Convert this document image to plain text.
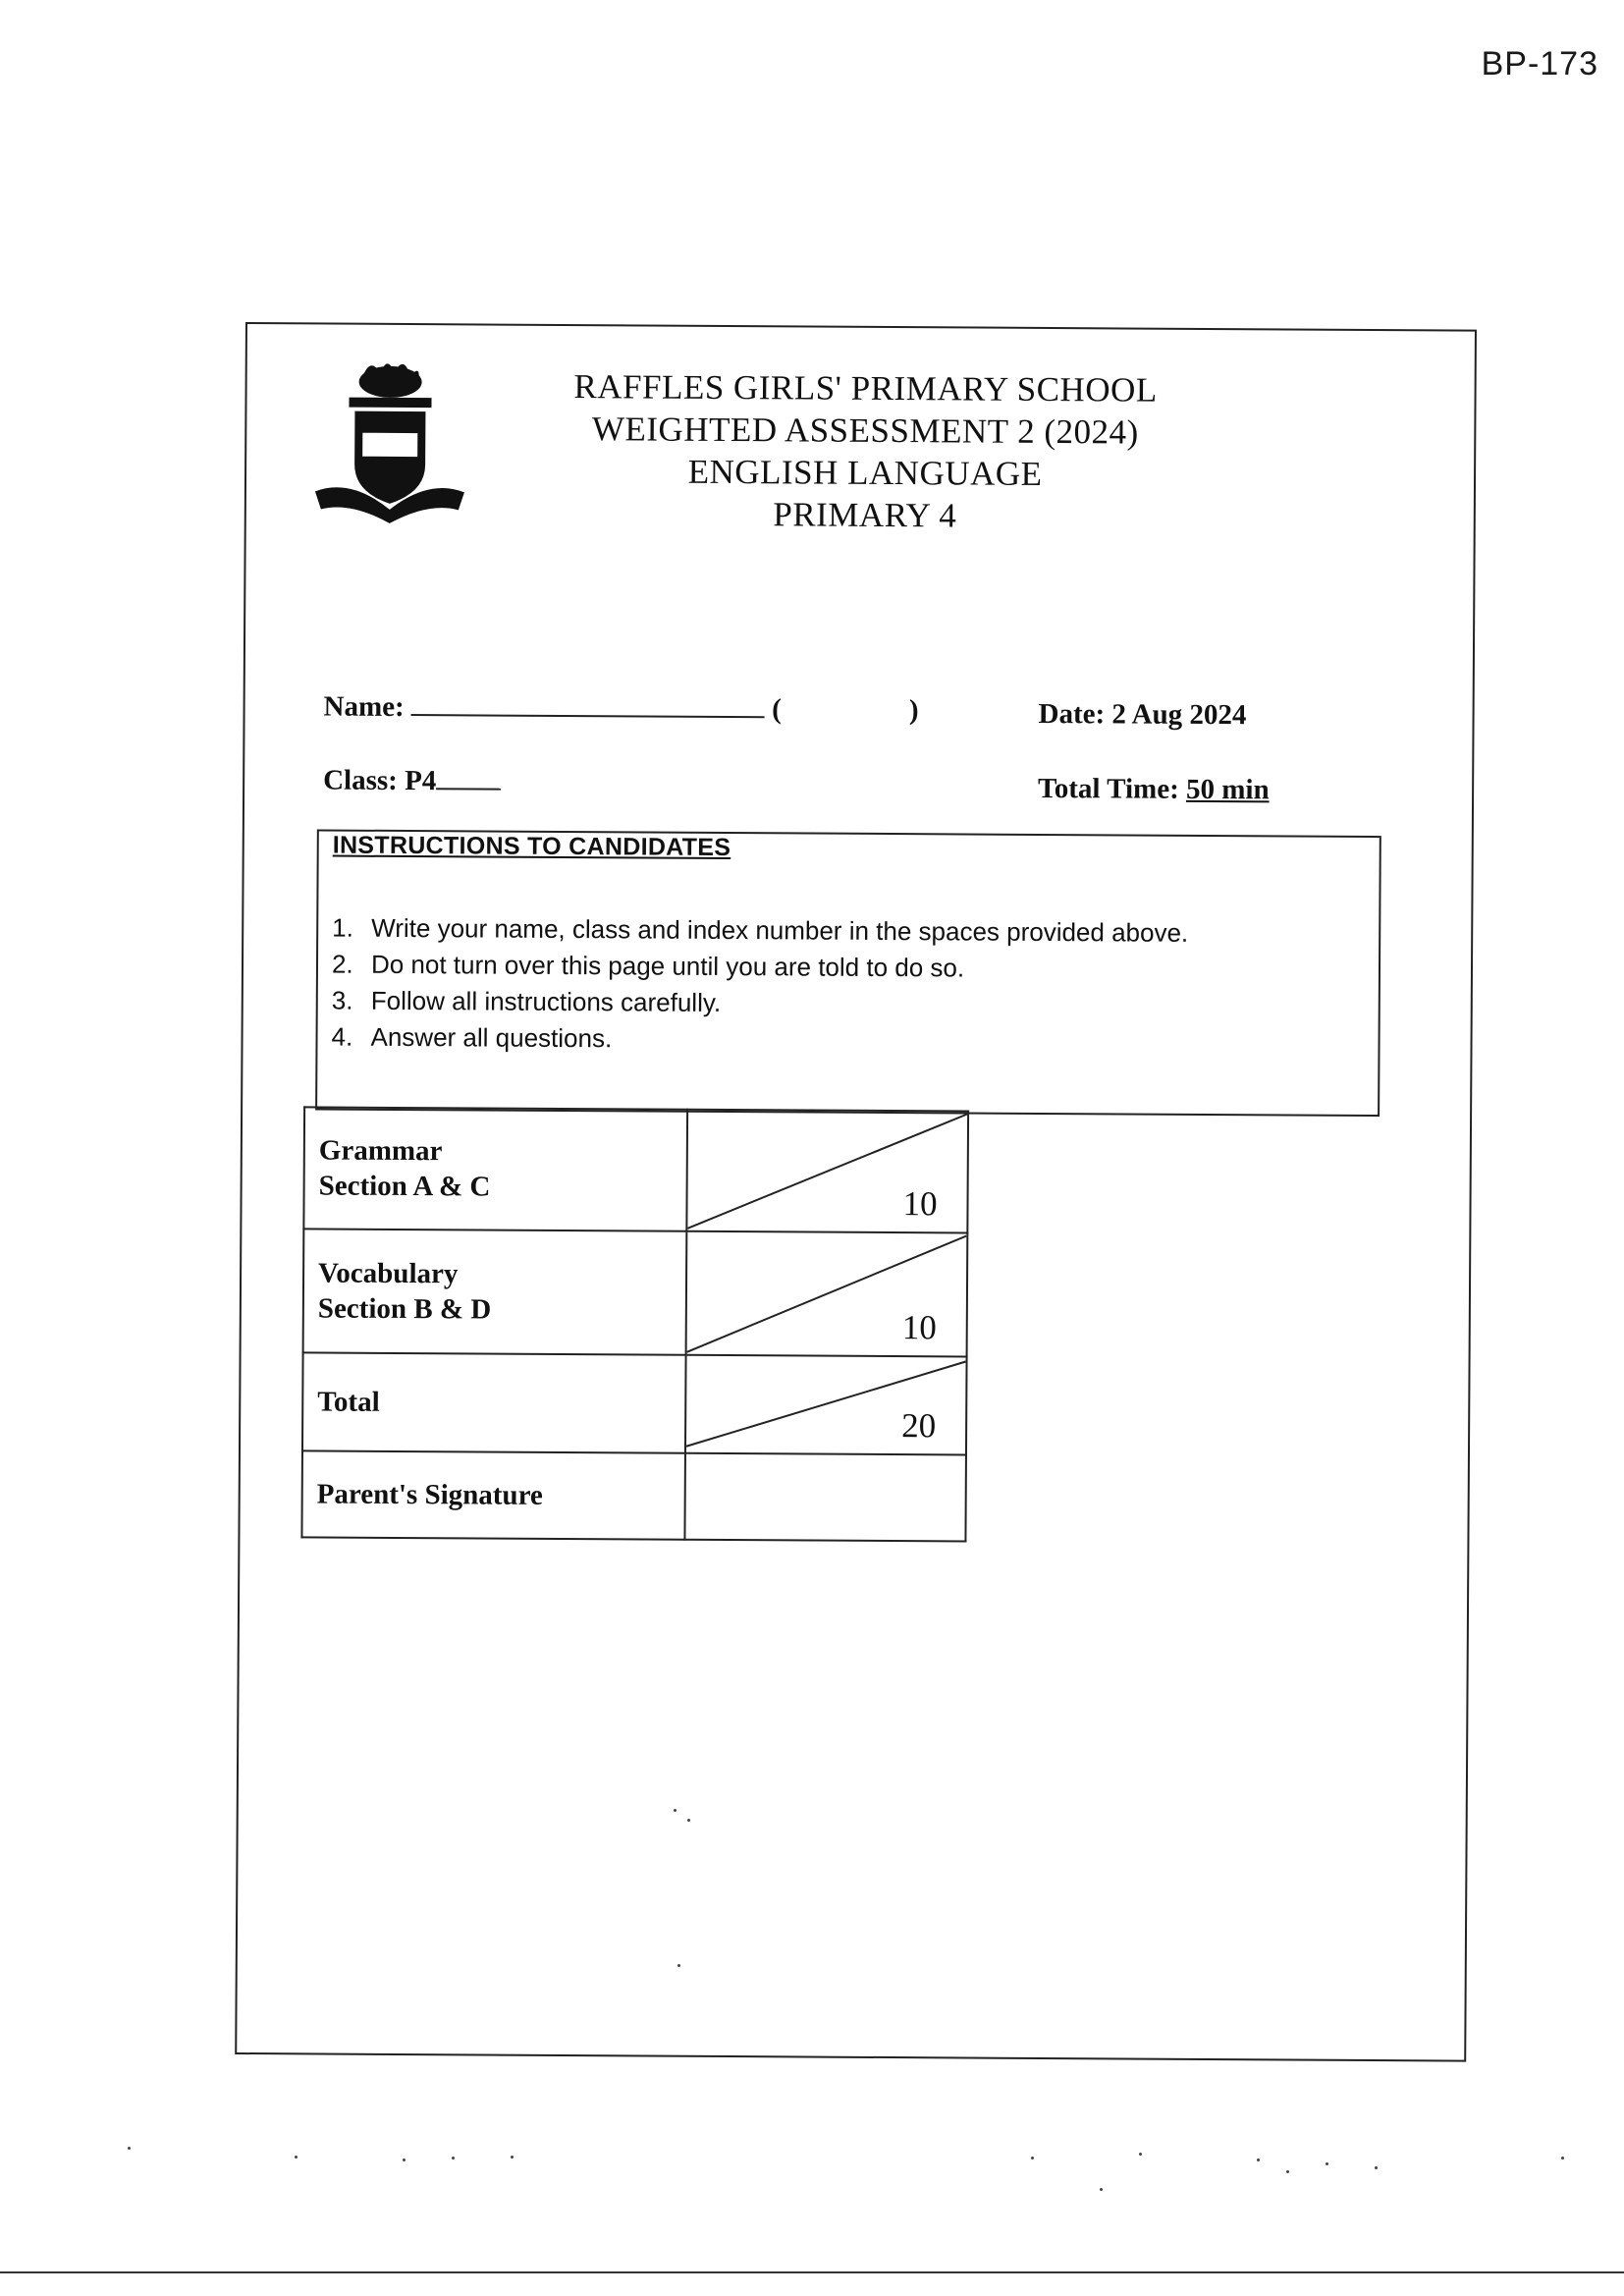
BP-173
RAFFLES GIRLS' PRIMARY SCHOOL
WEIGHTED ASSESSMENT 2 (2024)
ENGLISH LANGUAGE
PRIMARY 4
Name:	(	)	Date: 2 Aug 2024
Class: P4	Total Time: 50 min
INSTRUCTIONS TO CANDIDATES
1. Write your name, class and index number in the spaces provided above.
2. Do not turn over this page until you are told to do so.
3. Follow all instructions carefully.
4. Answer all questions.
Grammar
Section A & C	10

Vocabulary
Section B & D	10

Total	20

Parent's Signature	
